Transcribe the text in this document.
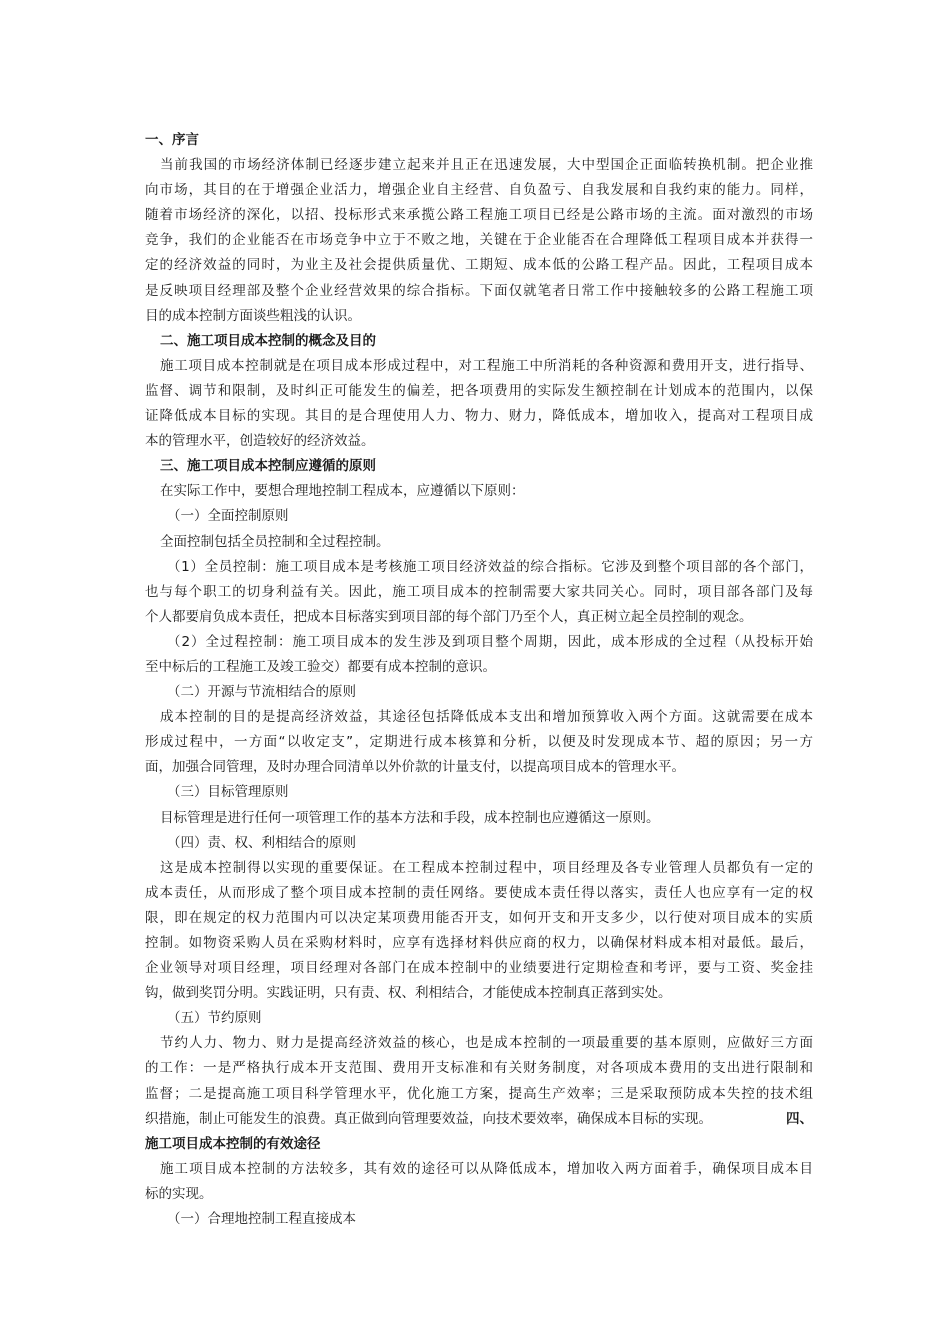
一、序言
当前我国的市场经济体制已经逐步建立起来并且正在迅速发展，大中型国企正面临转换机制。把企业推
向市场，其目的在于增强企业活力，增强企业自主经营、自负盈亏、自我发展和自我约束的能力。同样，
随着市场经济的深化，以招、投标形式来承揽公路工程施工项目已经是公路市场的主流。面对激烈的市场
竞争，我们的企业能否在市场竞争中立于不败之地，关键在于企业能否在合理降低工程项目成本并获得一
定的经济效益的同时，为业主及社会提供质量优、工期短、成本低的公路工程产品。因此，工程项目成本
是反映项目经理部及整个企业经营效果的综合指标。下面仅就笔者日常工作中接触较多的公路工程施工项
目的成本控制方面谈些粗浅的认识。
二、施工项目成本控制的概念及目的
施工项目成本控制就是在项目成本形成过程中，对工程施工中所消耗的各种资源和费用开支，进行指导、
监督、调节和限制，及时纠正可能发生的偏差，把各项费用的实际发生额控制在计划成本的范围内，以保
证降低成本目标的实现。其目的是合理使用人力、物力、财力，降低成本，增加收入，提高对工程项目成
本的管理水平，创造较好的经济效益。
三、施工项目成本控制应遵循的原则
在实际工作中，要想合理地控制工程成本，应遵循以下原则：
（一）全面控制原则
全面控制包括全员控制和全过程控制。
（1）全员控制：施工项目成本是考核施工项目经济效益的综合指标。它涉及到整个项目部的各个部门，
也与每个职工的切身利益有关。因此，施工项目成本的控制需要大家共同关心。同时，项目部各部门及每
个人都要肩负成本责任，把成本目标落实到项目部的每个部门乃至个人，真正树立起全员控制的观念。
（2）全过程控制：施工项目成本的发生涉及到项目整个周期，因此，成本形成的全过程（从投标开始
至中标后的工程施工及竣工验交）都要有成本控制的意识。
（二）开源与节流相结合的原则
成本控制的目的是提高经济效益，其途径包括降低成本支出和增加预算收入两个方面。这就需要在成本
形成过程中，一方面“以收定支”，定期进行成本核算和分析，以便及时发现成本节、超的原因；另一方
面，加强合同管理，及时办理合同清单以外价款的计量支付，以提高项目成本的管理水平。
（三）目标管理原则
目标管理是进行任何一项管理工作的基本方法和手段，成本控制也应遵循这一原则。
（四）责、权、利相结合的原则
这是成本控制得以实现的重要保证。在工程成本控制过程中，项目经理及各专业管理人员都负有一定的
成本责任，从而形成了整个项目成本控制的责任网络。要使成本责任得以落实，责任人也应享有一定的权
限，即在规定的权力范围内可以决定某项费用能否开支，如何开支和开支多少，以行使对项目成本的实质
控制。如物资采购人员在采购材料时，应享有选择材料供应商的权力，以确保材料成本相对最低。最后，
企业领导对项目经理，项目经理对各部门在成本控制中的业绩要进行定期检查和考评，要与工资、奖金挂
钩，做到奖罚分明。实践证明，只有责、权、利相结合，才能使成本控制真正落到实处。
（五）节约原则
节约人力、物力、财力是提高经济效益的核心，也是成本控制的一项最重要的基本原则，应做好三方面
的工作：一是严格执行成本开支范围、费用开支标准和有关财务制度，对各项成本费用的支出进行限制和
监督；二是提高施工项目科学管理水平，优化施工方案，提高生产效率；三是采取预防成本失控的技术组
织措施，制止可能发生的浪费。真正做到向管理要效益，向技术要效率，确保成本目标的实现。	四、
施工项目成本控制的有效途径
施工项目成本控制的方法较多，其有效的途径可以从降低成本，增加收入两方面着手，确保项目成本目
标的实现。
（一）合理地控制工程直接成本
